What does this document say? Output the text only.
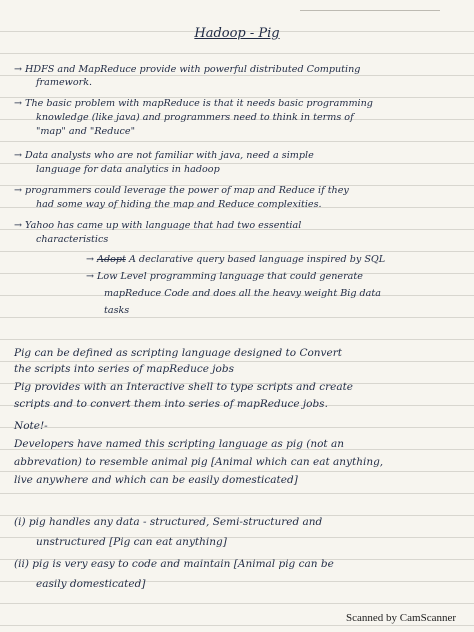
Hadoop - Pig
→ HDFS and MapReduce provide with powerful distributed Computing
framework.
→ The basic problem with mapReduce is that it needs basic programming
knowledge (like java) and programmers need to think in terms of
"map" and "Reduce"
→ Data analysts who are not familiar with java, need a simple
language for data analytics in hadoop
→ programmers could leverage the power of map and Reduce if they
had some way of hiding the map and Reduce complexities.
→ Yahoo has came up with language that had two essential
characteristics
→ Adopt A declarative query based language inspired by SQL
→ Low Level programming language that could generate
mapReduce Code and does all the heavy weight Big data
tasks
Pig can be defined as scripting language designed to Convert
the scripts into series of mapReduce jobs
Pig provides with an Interactive shell to type scripts and create
scripts and to convert them into series of mapReduce jobs.
Note!-
Developers have named this scripting language as pig (not an
abbrevation) to resemble animal pig [Animal which can eat anything,
live anywhere and which can be easily domesticated]
(i) pig handles any data - structured, Semi-structured and
unstructured [Pig can eat anything]
(ii) pig is very easy to code and maintain [Animal pig can be
easily domesticated]
Scanned by CamScanner
